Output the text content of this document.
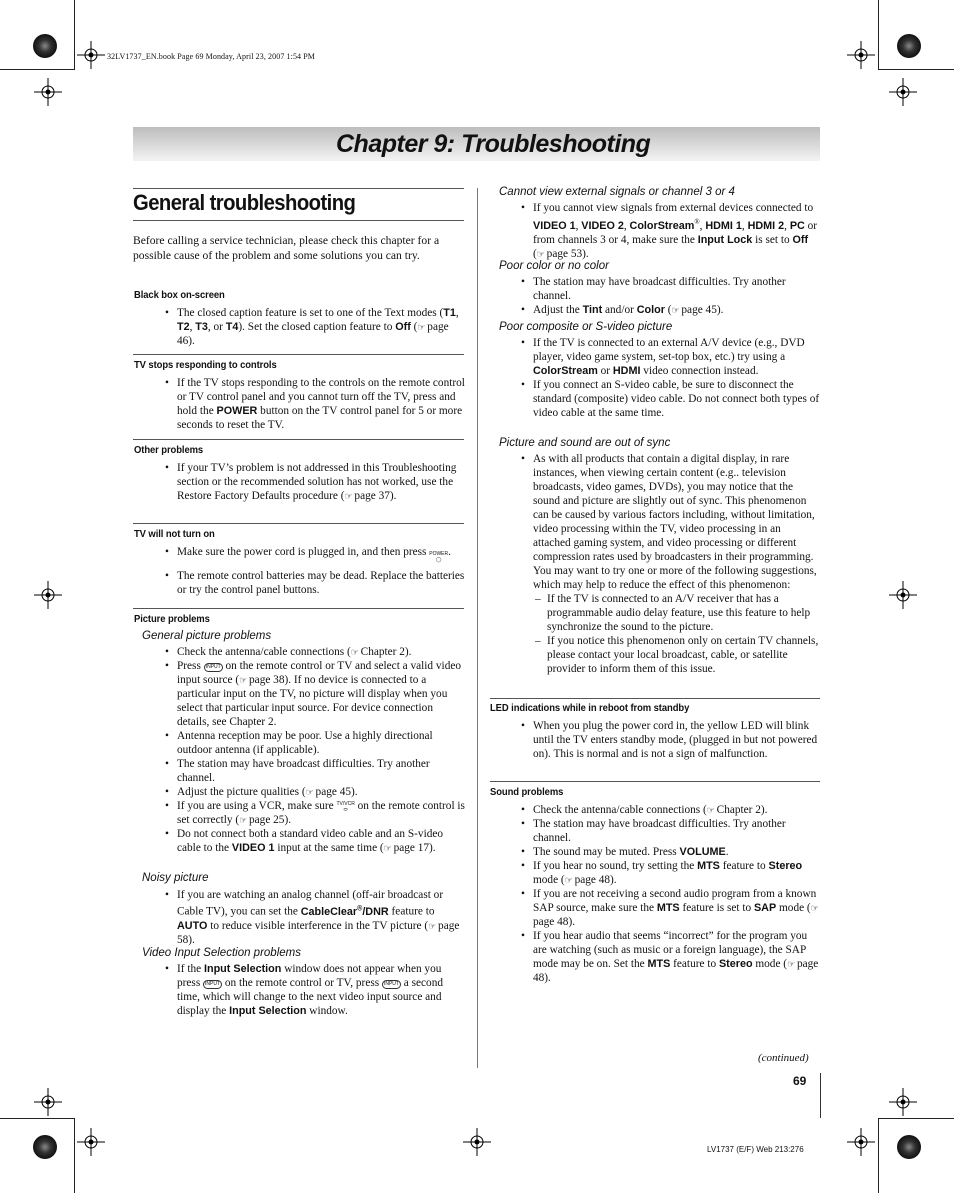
32LV1737_EN.book Page 69 Monday, April 23, 2007 1:54 PM
Chapter 9: Troubleshooting
General troubleshooting
Before calling a service technician, please check this chapter for a possible cause of the problem and some solutions you can try.
Black box on-screen
• The closed caption feature is set to one of the Text modes (T1, T2, T3, or T4). Set the closed caption feature to Off (☞ page 46).
TV stops responding to controls
• If the TV stops responding to the controls on the remote control or TV control panel and you cannot turn off the TV, press and hold the POWER button on the TV control panel for 5 or more seconds to reset the TV.
Other problems
• If your TV’s problem is not addressed in this Troubleshooting section or the recommended solution has not worked, use the Restore Factory Defaults procedure (☞ page 37).
TV will not turn on
• Make sure the power cord is plugged in, and then press POWER
◯.
• The remote control batteries may be dead. Replace the batteries or try the control panel buttons.
Picture problems
General picture problems
• Check the antenna/cable connections (☞ Chapter 2).
• Press INPUT on the remote control or TV and select a valid video input source (☞ page 38). If no device is connected to a particular input on the TV, no picture will display when you select that particular input source. For device connection details, see Chapter 2.
• Antenna reception may be poor. Use a highly directional outdoor antenna (if applicable).
• The station may have broadcast difficulties. Try another channel.
• Adjust the picture qualities (☞ page 45).
• If you are using a VCR, make sure TV/VCR
⬭ on the remote control is set correctly (☞ page 25).
• Do not connect both a standard video cable and an S-video cable to the VIDEO 1 input at the same time (☞ page 17).
Noisy picture
• If you are watching an analog channel (off-air broadcast or Cable TV), you can set the CableClear®/DNR feature to AUTO to reduce visible interference in the TV picture (☞ page 58).
Video Input Selection problems
• If the Input Selection window does not appear when you press INPUT on the remote control or TV, press INPUT a second time, which will change to the next video input source and display the Input Selection window.
Cannot view external signals or channel 3 or 4
• If you cannot view signals from external devices connected to VIDEO 1, VIDEO 2, ColorStream®, HDMI 1, HDMI 2, PC or from channels 3 or 4, make sure the Input Lock is set to Off (☞ page 53).
Poor color or no color
• The station may have broadcast difficulties. Try another channel.
• Adjust the Tint and/or Color (☞ page 45).
Poor composite or S-video picture
• If the TV is connected to an external A/V device (e.g., DVD player, video game system, set-top box, etc.) try using a ColorStream or HDMI video connection instead.
• If you connect an S-video cable, be sure to disconnect the standard (composite) video cable. Do not connect both types of video cable at the same time.
Picture and sound are out of sync
• As with all products that contain a digital display, in rare instances, when viewing certain content (e.g.. television broadcasts, video games, DVDs), you may notice that the sound and picture are slightly out of sync. This phenomenon can be caused by various factors including, without limitation, video processing within the TV, video processing in an attached gaming system, and video processing or different compression rates used by broadcasters in their programming. You may want to try one or more of the following suggestions, which may help to reduce the effect of this phenomenon:
– If the TV is connected to an A/V receiver that has a programmable audio delay feature, use this feature to help synchronize the sound to the picture.
– If you notice this phenomenon only on certain TV channels, please contact your local broadcast, cable, or satellite provider to inform them of this issue.
LED indications while in reboot from standby
• When you plug the power cord in, the yellow LED will blink until the TV enters standby mode, (plugged in but not powered on). This is normal and is not a sign of malfunction.
Sound problems
• Check the antenna/cable connections (☞ Chapter 2).
• The station may have broadcast difficulties. Try another channel.
• The sound may be muted. Press VOLUME.
• If you hear no sound, try setting the MTS feature to Stereo mode (☞ page 48).
• If you are not receiving a second audio program from a known SAP source, make sure the MTS feature is set to SAP mode (☞ page 48).
• If you hear audio that seems “incorrect” for the program you are watching (such as music or a foreign language), the SAP mode may be on. Set the MTS feature to Stereo mode (☞ page 48).
(continued)
69
LV1737 (E/F) Web 213:276
